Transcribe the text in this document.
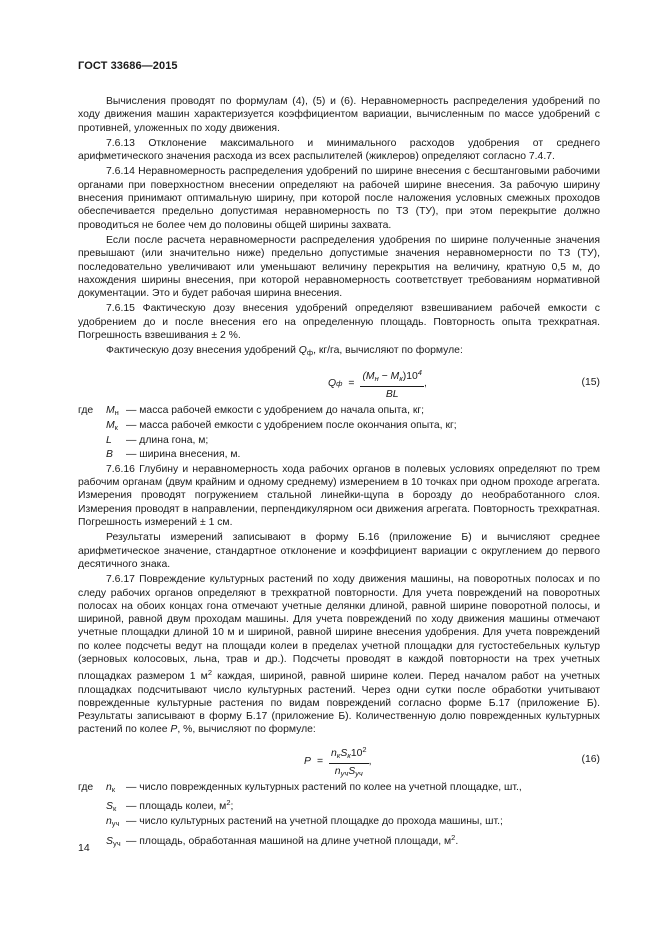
ГОСТ 33686—2015

Вычисления проводят по формулам (4), (5) и (6). Неравномерность распределения удобрений по ходу движения машин характеризуется коэффициентом вариации, вычисленным по массе удобрений с противней, уложенных по ходу движения.

7.6.13 Отклонение максимального и минимального расходов удобрения от среднего арифметического значения расхода из всех распылителей (жиклеров) определяют согласно 7.4.7.

7.6.14 Неравномерность распределения удобрений по ширине внесения с бесштанговыми рабочими органами при поверхностном внесении определяют на рабочей ширине внесения. За рабочую ширину внесения принимают оптимальную ширину, при которой после наложения условных смежных проходов обеспечивается предельно допустимая неравномерность по ТЗ (ТУ), при этом перекрытие должно проводиться не более чем до половины общей ширины захвата.

Если после расчета неравномерности распределения удобрения по ширине полученные значения превышают (или значительно ниже) предельно допустимые значения неравномерности по ТЗ (ТУ), последовательно увеличивают или уменьшают величину перекрытия на величину, кратную 0,5 м, до нахождения ширины внесения, при которой неравномерность соответствует требованиям нормативной документации. Это и будет рабочая ширина внесения.

7.6.15 Фактическую дозу внесения удобрений определяют взвешиванием рабочей емкости с удобрением до и после внесения его на определенную площадь. Повторность опыта трехкратная. Погрешность взвешивания ± 2 %.

Фактическую дозу внесения удобрений $Q_ф$, кг/га, вычисляют по формуле:

Q $ф = \frac{(M_н - M_к)10^4}{BL}$ ,	(15)
где $M_н$ — масса рабочей емкости с удобрением до начала опыта, кг;
$M_к$ — масса рабочей емкости с удобрением после окончания опыта, кг;
L	— длина гона, м;
B	— ширина внесения, м.

7.6.16 Глубину и неравномерность хода рабочих органов в полевых условиях определяют по трем рабочим органам (двум крайним и одному среднему) измерением в 10 точках при одном проходе агрегата. Измерения проводят погружением стальной линейки-щупа в борозду до необработанного слоя. Измерения проводят в направлении, перпендикулярном оси движения агрегата. Повторность трехкратная. Погрешность измерений ± 1 см.

Результаты измерений записывают в форму Б.16 (приложение Б) и вычисляют среднее арифметическое значение, стандартное отклонение и коэффициент вариации с округлением до первого десятичного знака.

7.6.17 Повреждение культурных растений по ходу движения машины, на поворотных полосах и по следу рабочих органов определяют в трехкратной повторности. Для учета повреждений на поворотных полосах на обоих концах гона отмечают учетные делянки длиной, равной ширине поворотной полосы, и шириной, равной двум проходам машины. Для учета повреждений по ходу движения машины отмечают учетные площадки длиной 10 м и шириной, равной ширине внесения удобрения. Для учета повреждений по колее подсчеты ведут на площади колеи в пределах учетной площадки для густостебельных культур (зерновых колосовых, льна, трав и др.). Подсчеты проводят в каждой повторности на трех учетных площадках размером 1 $м^2$ каждая, шириной, равной ширине колеи. Перед началом работ на учетных площадках подсчитывают число культурных растений. Через одни сутки после обработки учитывают поврежденные культурные растения по видам повреждений согласно форме Б.17 (приложение Б). Результаты записывают в форму Б.17 (приложение Б). Количественную долю поврежденных культурных растений по колее P, %, вычисляют по формуле:

$P = \frac{n_кS_к10^2}{n_{уч}S_{уч}}$ ,	(16)
где $n_к$	— число поврежденных культурных растений по колее на учетной площадке, шт.,
$S_к$ — площадь колеи, $м^2$;
$n_{уч}$ — число культурных растений на учетной площадке до прохода машины, шт.;
$S_{уч}$ — площадь, обработанная машиной на длине учетной площади, $м^2$.
14
